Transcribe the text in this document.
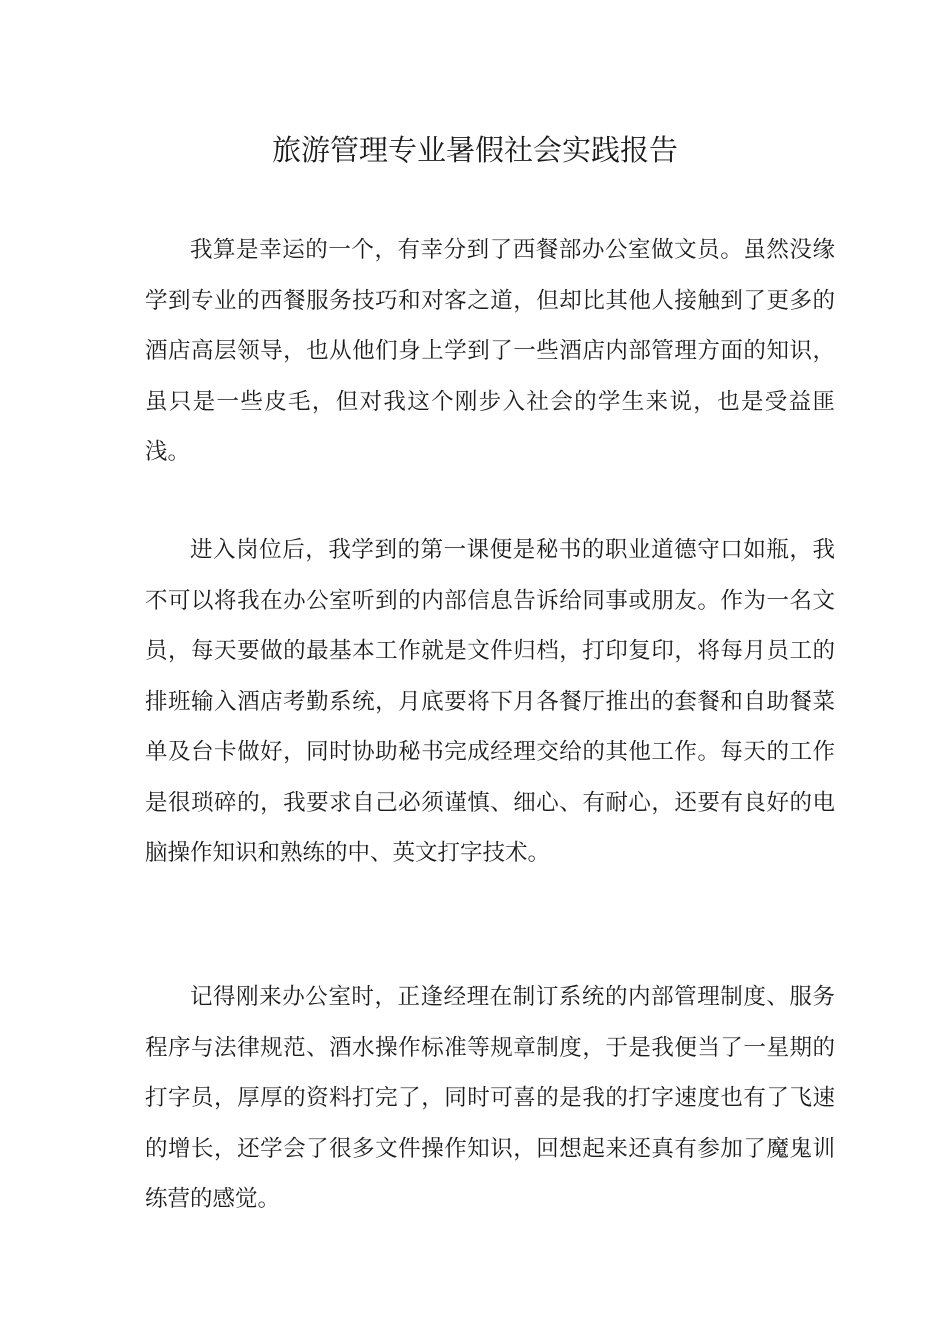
旅游管理专业暑假社会实践报告

我算是幸运的一个，有幸分到了西餐部办公室做文员。虽然没缘学到专业的西餐服务技巧和对客之道，但却比其他人接触到了更多的酒店高层领导，也从他们身上学到了一些酒店内部管理方面的知识，虽只是一些皮毛，但对我这个刚步入社会的学生来说，也是受益匪浅。

进入岗位后，我学到的第一课便是秘书的职业道德守口如瓶，我不可以将我在办公室听到的内部信息告诉给同事或朋友。作为一名文员，每天要做的最基本工作就是文件归档，打印复印，将每月员工的排班输入酒店考勤系统，月底要将下月各餐厅推出的套餐和自助餐菜单及台卡做好，同时协助秘书完成经理交给的其他工作。每天的工作是很琐碎的，我要求自己必须谨慎、细心、有耐心，还要有良好的电脑操作知识和熟练的中、英文打字技术。

记得刚来办公室时，正逢经理在制订系统的内部管理制度、服务程序与法律规范、酒水操作标准等规章制度，于是我便当了一星期的打字员，厚厚的资料打完了，同时可喜的是我的打字速度也有了飞速的增长，还学会了很多文件操作知识，回想起来还真有参加了魔鬼训练营的感觉。
